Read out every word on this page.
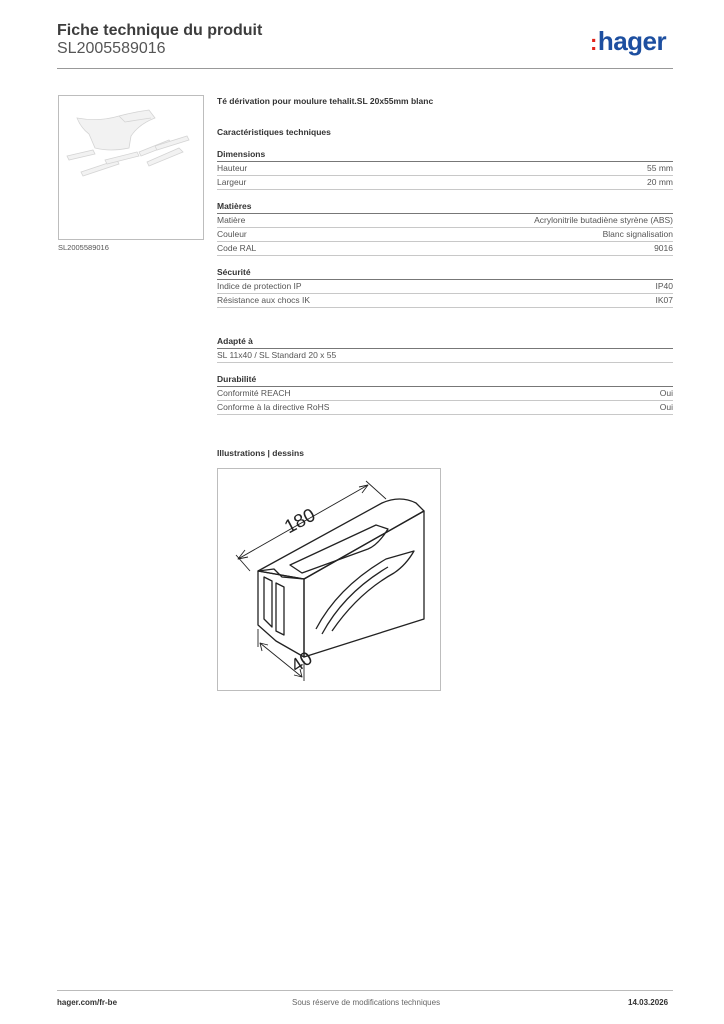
Fiche technique du produit
SL2005589016	:hager
SL2005589016
Té dérivation pour moulure tehalit.SL 20x55mm blanc
Caractéristiques techniques
Dimensions
Hauteur	55 mm
Largeur	20 mm
Matières
Matière	Acrylonitrile butadiène styrène (ABS)
Couleur	Blanc signalisation
Code RAL	9016
Sécurité
Indice de protection IP	IP40
Résistance aux chocs IK	IK07
Adapté à
SL 11x40 / SL Standard 20 x 55
Durabilité
Conformité REACH	Oui
Conforme à la directive RoHS	Oui
Illustrations | dessins
180
40
hager.com/fr-be	Sous réserve de modifications techniques	14.03.2026
